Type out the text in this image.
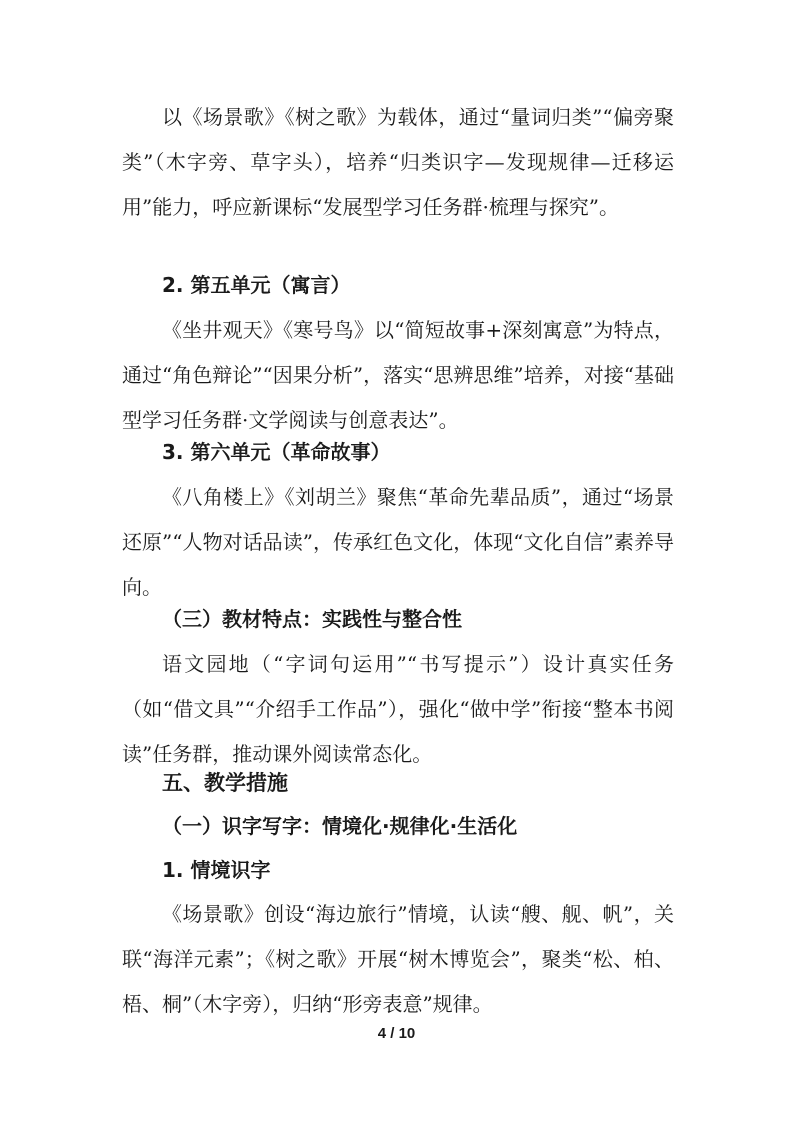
以《场景歌》《树之歌》为载体，通过“量词归类”“偏旁聚类”（木字旁、草字头），培养“归类识字—发现规律—迁移运用”能力，呼应新课标“发展型学习任务群·梳理与探究”。

2. 第五单元（寓言）

《坐井观天》《寒号鸟》以“简短故事+深刻寓意”为特点，通过“角色辩论”“因果分析”，落实“思辨思维”培养，对接“基础型学习任务群·文学阅读与创意表达”。

3. 第六单元（革命故事）

《八角楼上》《刘胡兰》聚焦“革命先辈品质”，通过“场景还原”“人物对话品读”，传承红色文化，体现“文化自信”素养导向。

（三）教材特点：实践性与整合性

语文园地（“字词句运用”“书写提示”）设计真实任务（如“借文具”“介绍手工作品”），强化“做中学”衔接“整本书阅读”任务群，推动课外阅读常态化。

五、教学措施

（一）识字写字：情境化·规律化·生活化

1. 情境识字

《场景歌》创设“海边旅行”情境，认读“艘、舰、帆”，关联“海洋元素”；《树之歌》开展“树木博览会”，聚类“松、柏、梧、桐”（木字旁），归纳“形旁表意”规律。

4 / 10
